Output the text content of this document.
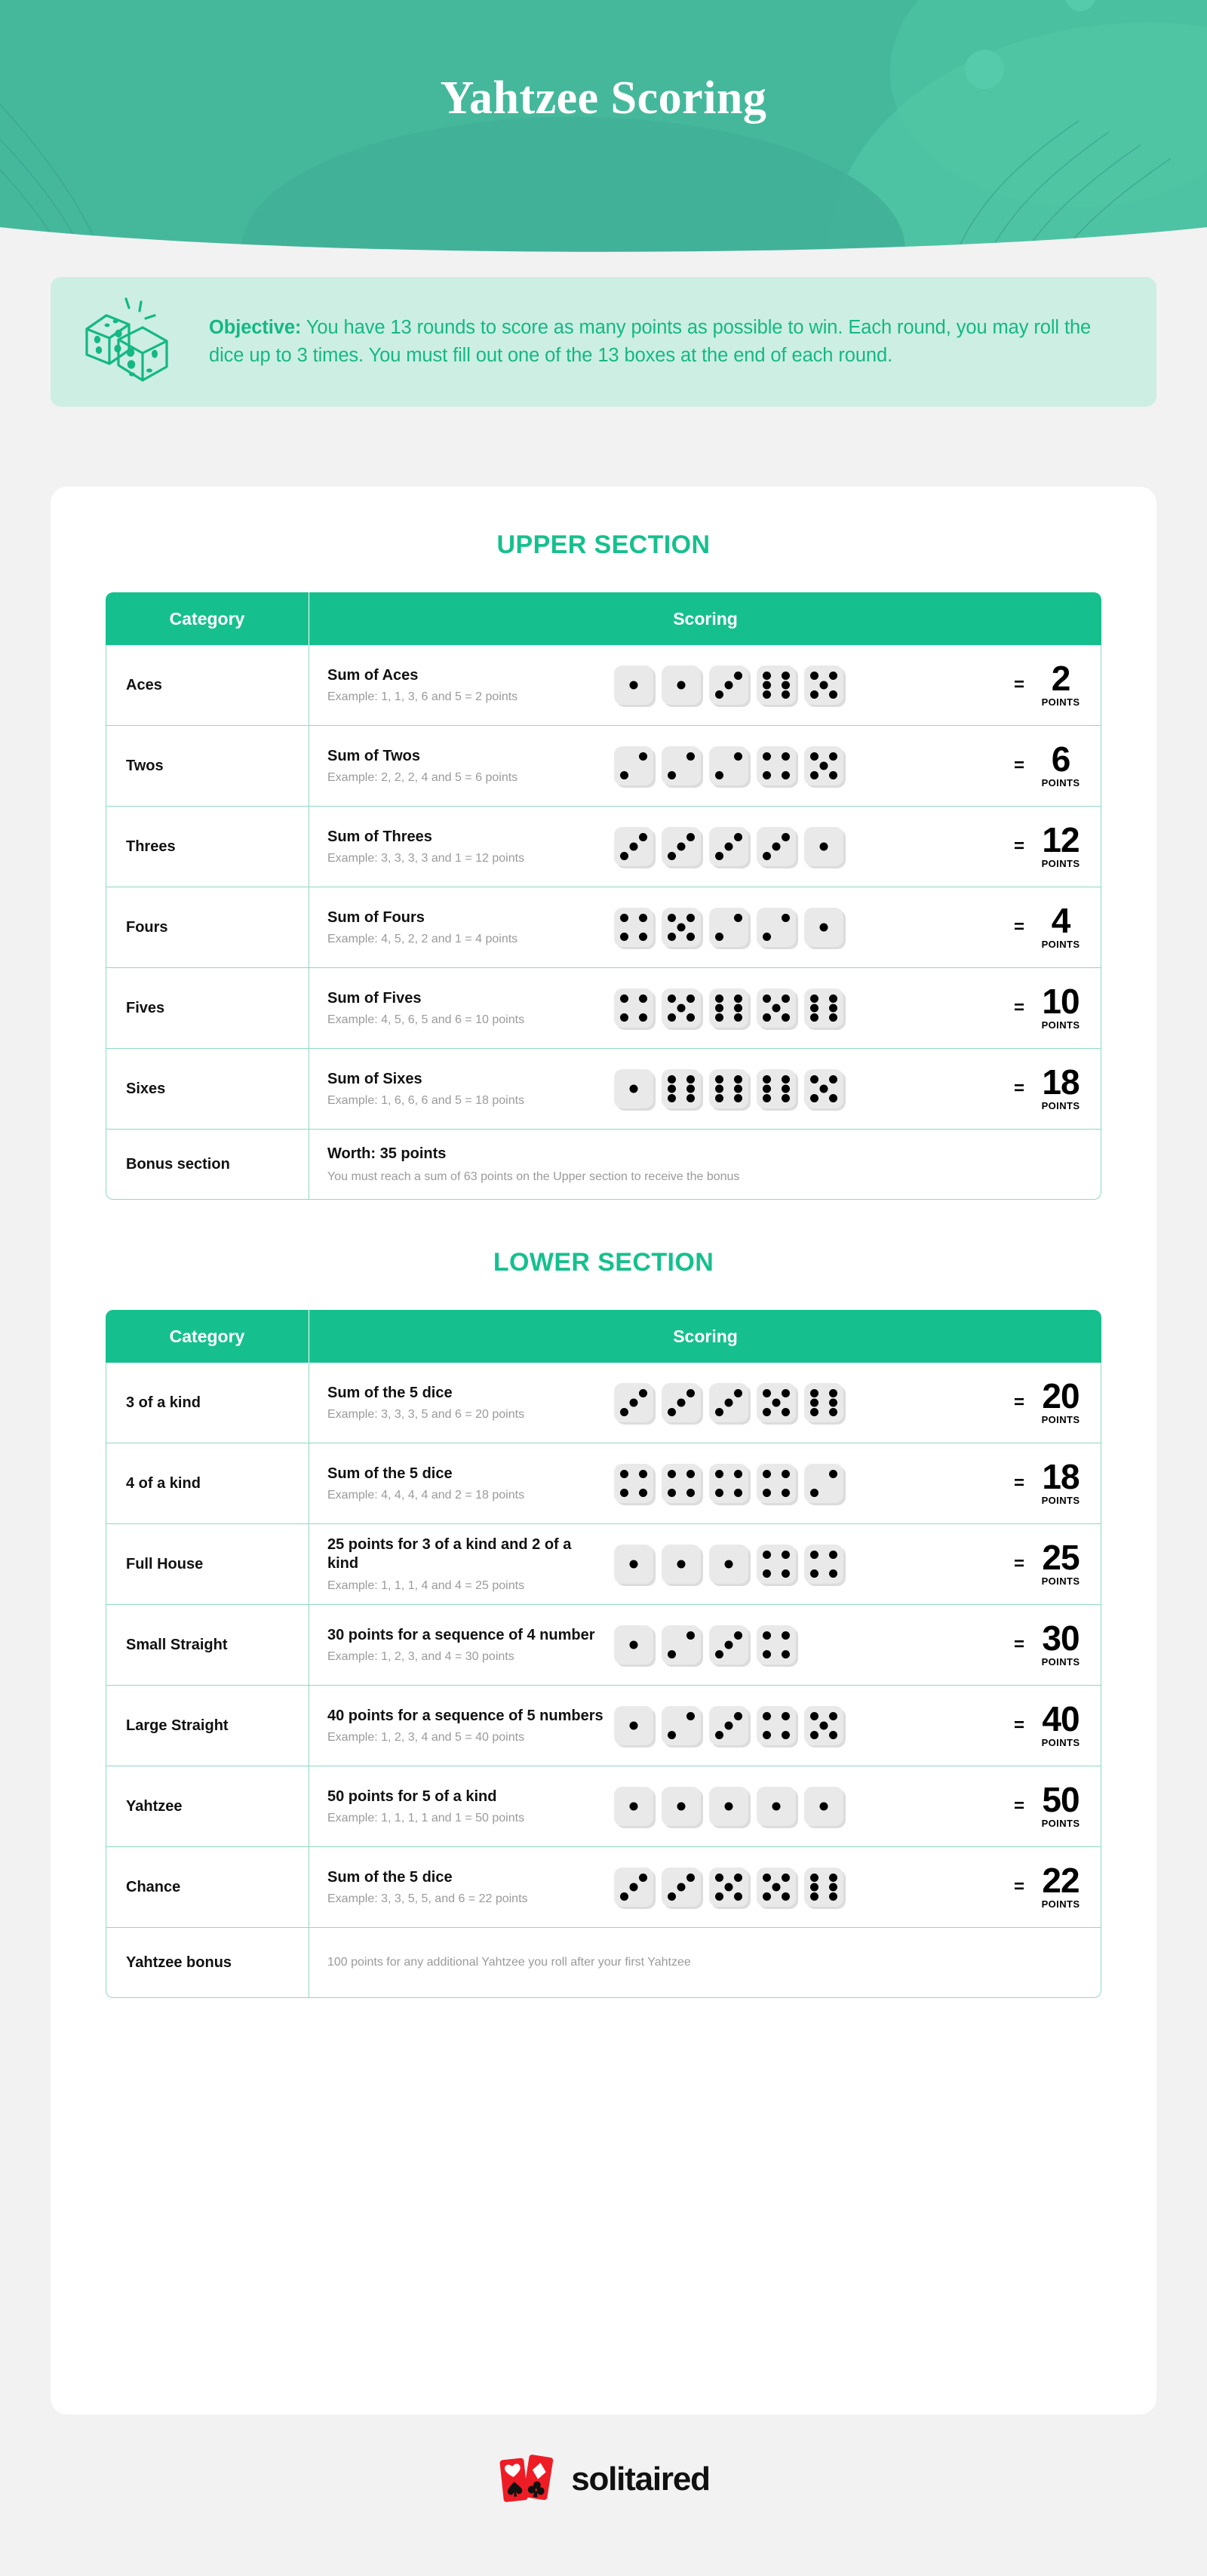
Yahtzee Scoring
Objective: You have 13 rounds to score as many points as possible to win. Each round, you may roll the dice up to 3 times. You must fill out one of the 13 boxes at the end of each round.
UPPER SECTION
Category	Scoring
Aces	Sum of Aces
Example: 1, 1, 3, 6 and 5 = 2 points
= 2
POINTS

Twos	Sum of Twos
Example: 2, 2, 2, 4 and 5 = 6 points
= 6
POINTS

Threes	Sum of Threes
Example: 3, 3, 3, 3 and 1 = 12 points
= 12
POINTS

Fours	Sum of Fours
Example: 4, 5, 2, 2 and 1 = 4 points
= 4
POINTS

Fives	Sum of Fives
Example: 4, 5, 6, 5 and 6 = 10 points
= 10
POINTS

Sixes	Sum of Sixes
Example: 1, 6, 6, 6 and 5 = 18 points
= 18
POINTS

Bonus section	Worth: 35 points
You must reach a sum of 63 points on the Upper section to receive the bonus
LOWER SECTION
Category	Scoring
3 of a kind	Sum of the 5 dice
Example: 3, 3, 3, 5 and 6 = 20 points
= 20
POINTS

4 of a kind	Sum of the 5 dice
Example: 4, 4, 4, 4 and 2 = 18 points
= 18
POINTS

Full House	25 points for 3 of a kind and 2 of a kind
Example: 1, 1, 1, 4 and 4 = 25 points
= 25
POINTS

Small Straight	30 points for a sequence of 4 number
Example: 1, 2, 3, and 4 = 30 points
= 30
POINTS

Large Straight	40 points for a sequence of 5 numbers
Example: 1, 2, 3, 4 and 5 = 40 points
= 40
POINTS

Yahtzee	50 points for 5 of a kind
Example: 1, 1, 1, 1 and 1 = 50 points
= 50
POINTS

Chance	Sum of the 5 dice
Example: 3, 3, 5, 5, and 6 = 22 points
= 22
POINTS

Yahtzee bonus	100 points for any additional Yahtzee you roll after your first Yahtzee
solitaired
